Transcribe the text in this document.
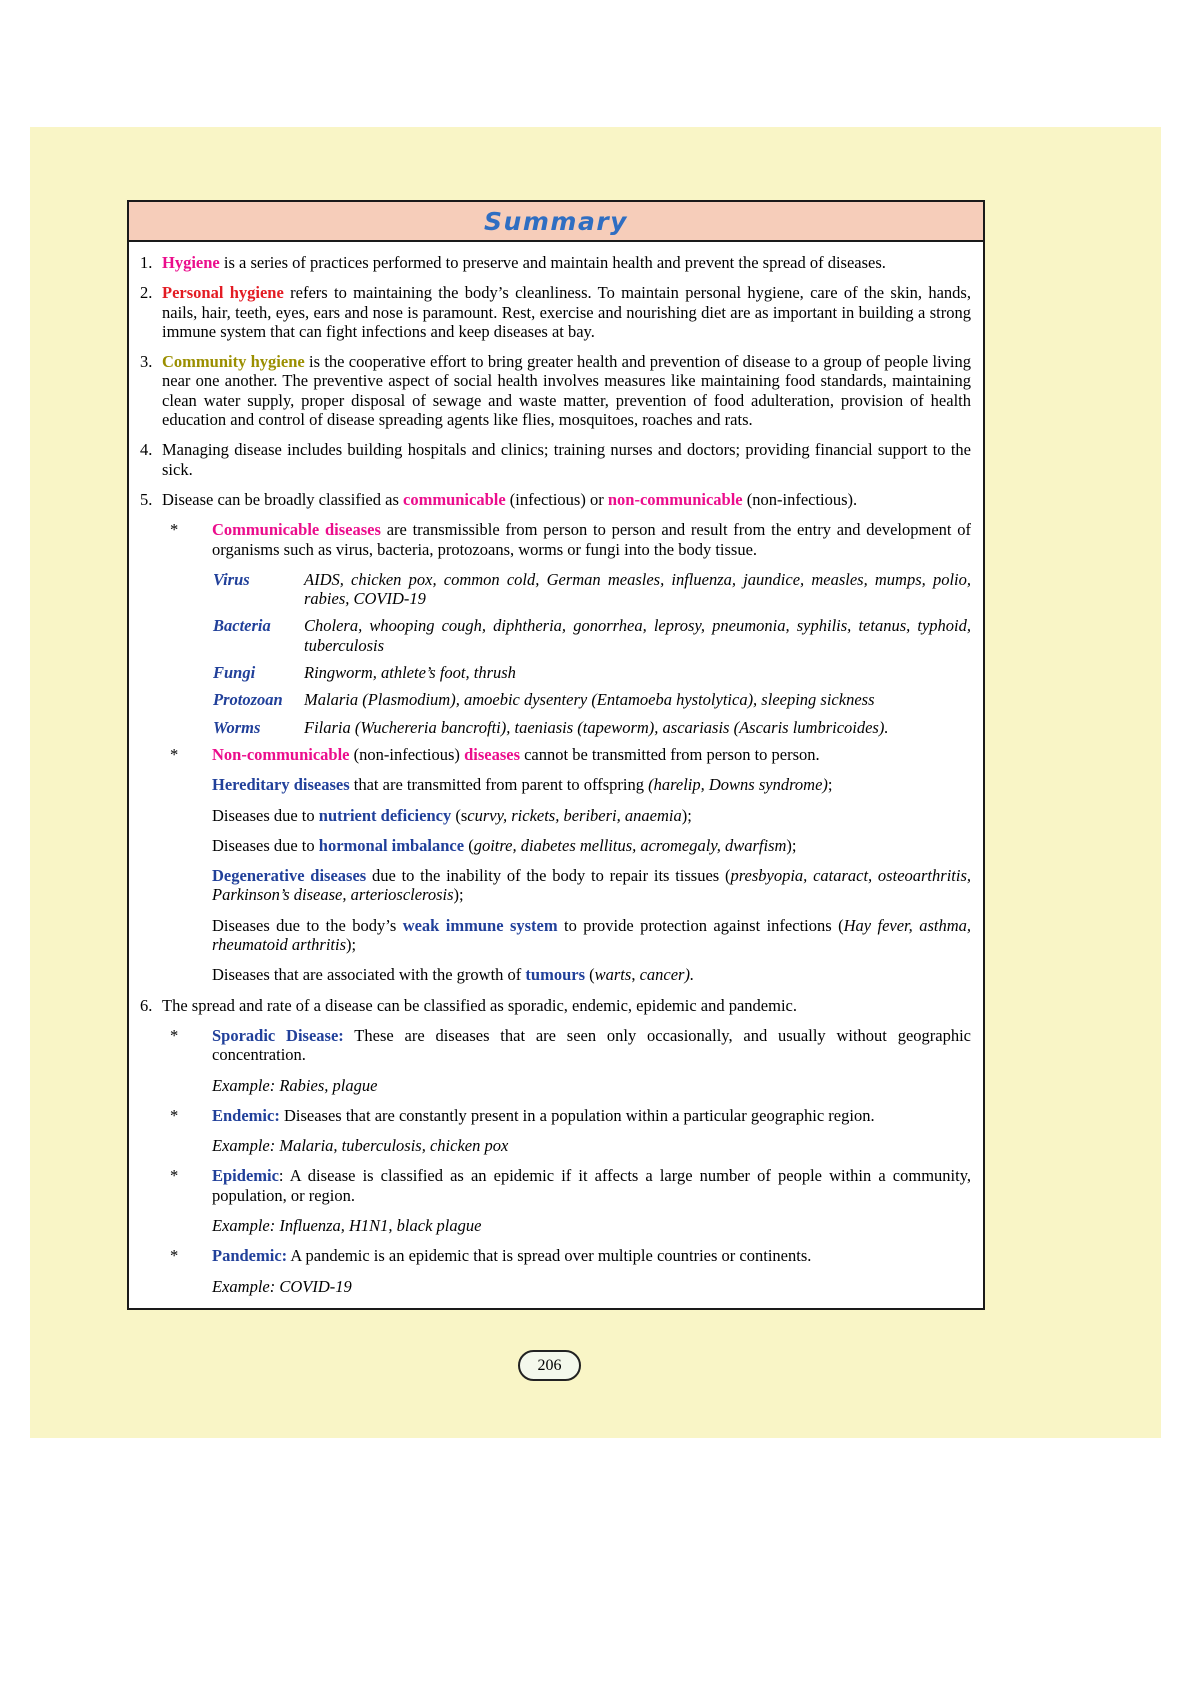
Summary
1. Hygiene is a series of practices performed to preserve and maintain health and prevent the spread of diseases.
2. Personal hygiene refers to maintaining the body’s cleanliness. To maintain personal hygiene, care of the skin, hands, nails, hair, teeth, eyes, ears and nose is paramount. Rest, exercise and nourishing diet are as important in building a strong immune system that can fight infections and keep diseases at bay.
3. Community hygiene is the cooperative effort to bring greater health and prevention of disease to a group of people living near one another. The preventive aspect of social health involves measures like maintaining food standards, maintaining clean water supply, proper disposal of sewage and waste matter, prevention of food adulteration, provision of health education and control of disease spreading agents like flies, mosquitoes, roaches and rats.
4. Managing disease includes building hospitals and clinics; training nurses and doctors; providing financial support to the sick.
5. Disease can be broadly classified as communicable (infectious) or non-communicable (non-infectious).
*	Communicable diseases are transmissible from person to person and result from the entry and development of organisms such as virus, bacteria, protozoans, worms or fungi into the body tissue.
Virus	AIDS, chicken pox, common cold, German measles, influenza, jaundice, measles, mumps, polio, rabies, COVID-19
Bacteria	Cholera, whooping cough, diphtheria, gonorrhea, leprosy, pneumonia, syphilis, tetanus, typhoid, tuberculosis
Fungi	Ringworm, athlete’s foot, thrush
Protozoan	Malaria (Plasmodium), amoebic dysentery (Entamoeba hystolytica), sleeping sickness
Worms	Filaria (Wuchereria bancrofti), taeniasis (tapeworm), ascariasis (Ascaris lumbricoides).
*	Non-communicable (non-infectious) diseases cannot be transmitted from person to person.
Hereditary diseases that are transmitted from parent to offspring (harelip, Downs syndrome);
Diseases due to nutrient deficiency (scurvy, rickets, beriberi, anaemia);
Diseases due to hormonal imbalance (goitre, diabetes mellitus, acromegaly, dwarfism);
Degenerative diseases due to the inability of the body to repair its tissues (presbyopia, cataract, osteoarthritis, Parkinson’s disease, arteriosclerosis);
Diseases due to the body’s weak immune system to provide protection against infections (Hay fever, asthma, rheumatoid arthritis);
Diseases that are associated with the growth of tumours (warts, cancer).
6. The spread and rate of a disease can be classified as sporadic, endemic, epidemic and pandemic.
*	Sporadic Disease: These are diseases that are seen only occasionally, and usually without geographic concentration.
Example: Rabies, plague
*	Endemic: Diseases that are constantly present in a population within a particular geographic region.
Example: Malaria, tuberculosis, chicken pox
*	Epidemic: A disease is classified as an epidemic if it affects a large number of people within a community, population, or region.
Example: Influenza, H1N1, black plague
*	Pandemic: A pandemic is an epidemic that is spread over multiple countries or continents.
Example: COVID-19
206
